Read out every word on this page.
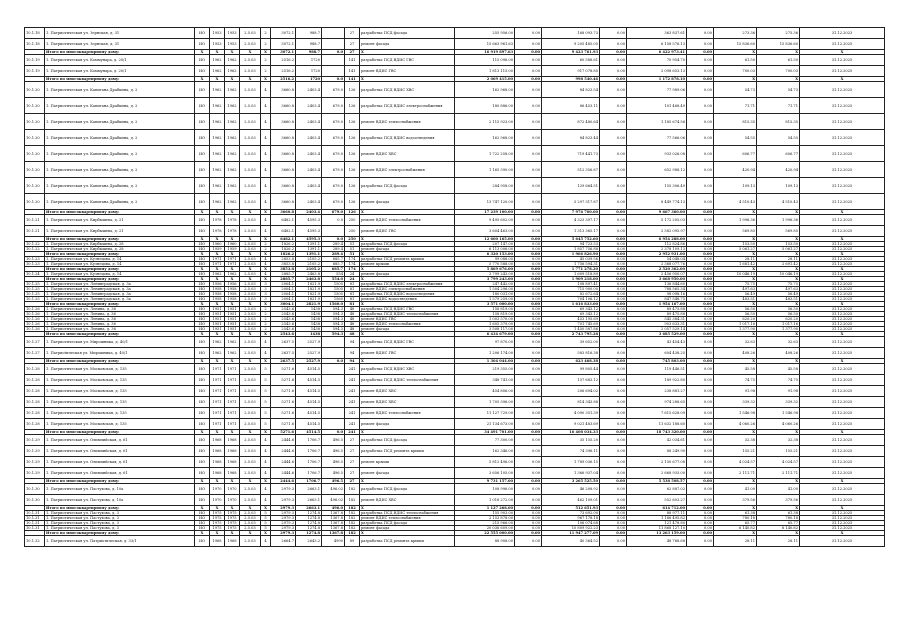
10.1.18	1. Патриотическая ул. Зернская, д. 31	ИО	1953	1953	2.5.03	2	3072.1	988.7		27	разработка ПСД фасада	255 956.00	0.00	168 093.73	0.00	363 837.61	0.00	273.36	275.36	31.12.2023
10.1.18	1. Патриотическая ул. Зернская, д. 31	ИО	1953	1953	2.5.03	2	3072.1	988.7		27	ремонт фасада	15 663 961.63	0.00	9 205 485.05	0.00	6 158 576.13	0.00	15 836.60	15 836.60	31.12.2025
	Итого по многоквартирному дому:	X	X	X	X	X	3072.1	988.7	0.0	27	X	16 919 897.63	0.00	9 423 761.93	0.00	6 422 973.41	0.00	X	X	X
10.1.19	1. Патриотическая ул. Коммунара, д. 20/1	ИО	1962	1962	2.5.03	2	2516.2	1720		141	разработка ПСД ВДИС ГВС	115 096.00	0.00	60 588.61	0.00	70 954.70	0.00	61.50	61.50	31.12.2025
10.1.19	1. Патриотическая ул. Коммунара, д. 20/1	ИО	1962	1962	2.5.03	2	2516.2	1720		141	ремонт ВДИС ГВС	1 813 115.00	0.00	917 078.85	0.00	2 098 653.13	0.00	700.03	700.03	31.12.2025
	Итого по многоквартирному дому:	X	X	X	X	X	2516.2	1720	0.0	141	X	2 069 415.00	0.00	998 540.46	0.00	1 172 878.10	0.00	X	X	X
10.1.20	1. Патриотическая ул. Капитана Драбкина, д. 2	ИО	1962	1962	2.5.03	4	3660.8	2403.4	679.0	126	разработка ПСД ВДИС ХВС	162 968.00	0.00	84 823.54	0.00	77 989.06	0.00	54.73	54.73	31.12.2025
10.1.20	1. Патриотическая ул. Капитана Драбкина, д. 2	ИО	1962	1962	2.5.03	4	3660.8	2403.4	679.0	126	разработка ПСД ВДИС электроснабжения	180 886.00	0.00	86 453.11	0.00	101 468.49	0.00	71.71	71.71	31.12.2025
10.1.20	1. Патриотическая ул. Капитана Драбкина, д. 2	ИО	1962	1962	2.5.03	4	3660.8	2403.4	679.0	126	ремонт ВДИС теплоснабжения	2 115 923.00	0.00	872 480.64	0.00	1 185 674.56	0.00	815.35	815.35	31.12.2025
10.1.20	1. Патриотическая ул. Капитана Драбкина, д. 2	ИО	1962	1962	2.5.03	4	3660.8	2403.4	679.0	126	разработка ПСД ВДИС водоотведения	162 968.00	0.00	84 823.44	0.00	77 566.06	0.00	54.55	54.55	31.12.2025
10.1.20	1. Патриотическая ул. Капитана Драбкина, д. 2	ИО	1962	1962	2.5.03	4	3660.8	2403.4	679.0	126	ремонт ВДИС ХВС	1 722 258.00	0.00	719 441.73	0.00	933 026.08	0.00	606.77	606.77	31.12.2025
10.1.20	1. Патриотическая ул. Капитана Драбкина, д. 2	ИО	1962	1962	2.5.03	4	3660.8	2403.4	679.0	126	ремонт ВДИС электроснабжения	1 165 390.00	0.00	512 356.87	0.00	652 988.12	0.00	420.94	420.94	31.12.2025
10.1.20	1. Патриотическая ул. Капитана Драбкина, д. 2	ИО	1962	1962	2.5.03	4	3660.8	2403.4	679.0	126	разработка ПСД фасада	284 958.00	0.00	129 664.51	0.00	155 306.49	0.00	109.13	109.13	31.12.2025
10.1.20	1. Патриотическая ул. Капитана Драбкина, д. 2	ИО	1962	1962	2.5.03	4	3660.8	2403.4	679.0	126	ремонт фасада	13 747 120.00	0.00	5 297 317.87	0.00	8 449 774.13	0.00	4 510.43	4 510.43	31.12.2025
	Итого по многоквартирному дому:	X	X	X	X	X	3660.8	2403.4	679.0	126	X	17 239 100.00	0.00	7 976 700.00	0.00	9 667 360.00	0.00	X	X	X
10.1.21	1. Патриотическая ул. Кирбышева, д. 21	ИО	1978	1978	2.5.03	4	6482.1	4595.3	0.0	250	ремонт ВДИС теплоснабжения	9 495 602.00	0.00	4 323 397.17	0.00	5 172 205.03	0.00	1 996.36	1 996.36	31.12.2025
10.1.21	1. Патриотическая ул. Кирбышева, д. 21	ИО	1978	1978	2.5.03	4	6482.1	4595.3		250	ремонт ВДИС ГВС	3 604 463.00	0.00	1 313 365.17	0.00	2 582 095.97	0.00	569.85	569.85	31.12.2025
	Итого по многоквартирному дому:	X	X	X	X	X	6482.1	4595.3	0.0	250	X	12 600 165.00	0.00	5 645 752.60	0.00	6 954 288.00	0.00	X	X	X
10.1.22	1. Патриотическая ул. Кирбышева, д. 28	ИО	1960	1960	2.5.03	2	1826.2	1391.1	289.4	51	разработка ПСД фасада	207 147.00	0.00	94 723.53	0.00	112 824.86	0.00	153.50	153.50	31.12.2025
10.1.22	1. Патриотическая ул. Кирбышева, д. 28	ИО	1959	1959	2.5.03	2	1826.2	1391.1	289.4	51	ремонт фасада	6 113 006.00	0.00	1 857 756.88	0.00	2 378 109.13	0.00	5 061.27	5 061.27	31.12.2025
	Итого по многоквартирному дому:	X	X	X	X	X	1826.2	1391.1	289.4	51	X	6 320 153.00	0.00	1 966 826.90	0.00	2 952 931.00	0.00	X	X	X
10.1.23	1. Патриотическая ул. Кузнецова, д. 14	ИО	1971	1971	2.5.03	4	2853.8	2105.2	685.7	174	разработка ПСД ремонта крыши	99 088.00	0.00	45 039.56	0.00	54 048.04	0.00	28.11	28.11	31.12.2025
10.1.23	1. Патриотическая ул. Кузнецова, д. 14	ИО	1971	1971	2.5.03	4	3853.8	2105.2	685.7	174	ремонт крыши	5 770 588.00	0.00	1 756 594.31	0.00	2 368 077.76	0.00	1 681.42	2 691.42	31.12.2025
	Итого по многоквартирному дому:	X	X	X	X	X	3853.8	2105.2	685.7	174	X	5 869 676.00	0.00	1 771 278.20	0.00	2 520 362.00	0.00	X	X	X
10.1.24	1. Патриотическая ул. Кузнецова, д. 14	ИО	1962	1962	2.5.03	4	2885.7	2463.8	554	24	ремонт фасада	3 799 243.00	0.00	1 609 518.89	0.00	2 456 950.07	0.00	10 046.19	10 046.19	31.12.2025
	Итого по многоквартирному дому:	X	X	X	X	X	2885.7	2463.8	554.0	24	X	3 799 243.00	0.00	1 909 218.00	0.00	3 668 950.00	0.00	X	X	X
10.1.25	1. Патриотическая ул. Ленинградская, д. 3а	ИО	1956	1956	2.5.03	3	2004.1	1821.9	1505	81	разработка ПСД ВДИС электроснабжения	247 442.00	0.00	108 897.41	0.00	136 844.60	0.00	75.75	75.75	31.12.2025
10.1.25	1. Патриотическая ул. Ленинградская, д. 3а	ИО	1958	1958	2.5.03	3	2004.1	1821.9	1505	81	ремонт ВДИС электроснабжения	1 504 296.00	0.00	715 900.00	0.00	788 565.34	0.00	497.63	497.63	31.12.2025
10.1.25	1. Патриотическая ул. Ленинградская, д. 3а	ИО	1958	1958	2.5.03	3	2004.1	1821.9	1505	81	разработка ПСД ВДИС водоотведения	180 031.00	0.00	82 672.64	0.00	98 098.16	0.00	56.49	56.49	31.12.2025
10.1.25	1. Патриотическая ул. Ленинградская, д. 3а	ИО	1958	1958	2.5.03	3	2004.1	1821.9	1560	81	ремонт ВДИС водоотведения	1 579 259.00	0.00	704 106.12	0.00	847 548.75	0.00	483.51	483.51	31.12.2025
	Итого по многоквартирному дому:	X	X	X	X	X	3004.1	2821.9	1560.0	81	X	3 571 000.00	0.00	1 616 833.00	0.00	1 954 167.00	0.00	X	X	X
10.1.26	1. Патриотическая ул. Ленина, д. 36	ИО	1951	1951	2.5.03	2	2543.6	1438	594.3	48	разработка ПСД ВДИС ГВС	158 819.00	0.00	69 343.12	0.00	89 475.88	0.00	56.50	56.50	31.12.2025
10.1.26	1. Патриотическая ул. Ленина, д. 36	ИО	1951	1951	2.5.03	2	2543.6	1438	594.3	48	разработка ПСД ВДИС теплоснабжения	158 819.00	0.00	69 343.12	0.00	89 475.88	0.00	56.50	56.50	31.12.2025
10.1.26	1. Патриотическая ул. Ленина, д. 36	ИО	1951	1951	2.5.03	2	2543.6	1438	594.3	48	ремонт ВДИС ГВС	1 003 570.00	0.00	453 195.69	0.00	545 384.31	0.00	620.20	620.20	31.12.2025
10.1.26	1. Патриотическая ул. Ленина, д. 36	ИО	1951	1951	2.5.03	2	2543.6	1438	594.3	48	ремонт ВДИС теплоснабжения	1 605 379.00	0.00	701 745.69	0.00	903 633.31	0.00	1 017.16	1 017.16	31.12.2025
10.1.26	1. Патриотическая ул. Ленина, д. 36	ИО	1951	1951	2.5.03	2	2543.6	1438	594.3	48	ремонт фасада	3 508 117.00	0.00	1 450 587.86	0.00	2 057 529.14	0.00	1 377.90	1 377.90	31.12.2025
	Итого по многоквартирному дому:	X	X	X	X	X	2543.6	1438	594.3	48	X	6 434 679.00	0.00	2 743 795.28	0.00	3 685 529.00	0.00	X	X	X
10.1.27	1. Патриотическая ул. Мирошника, д. 40/1	ИО	1962	1962	2.5.03	4	2637.5	2527.9		94	разработка ПСД ВДИС ГВС	97 870.00	0.00	39 652.00	0.00	43 454.43	0.00	32.63	32.63	31.12.2025
10.1.27	1. Патриotическая ул. Мирошника, д. 40/1	ИО	1962	1962	2.5.03	4	2637.5	2527.9		94	ремонт ВДИС ГВС	1 206 174.00	0.00	583 816.38	0.00	604 438.25	0.00	408.26	408.26	31.12.2025
	Итого по многоквартирному дому:	X	X	X	X	X	2637.5	2527.9	0.0	94	X	1 304 044.00	0.00	623 468.38	0.00	745 803.00	0.00	X	X	X
10.1.28	1. Патриотическая ул. Московская, д. 135	ИО	1971	1971	2.5.03	5	5271.6	4514.5		241	разработка ПСД ВДИС ХВС	219 355.00	0.00	99 805.44	0.00	119 446.51	0.00	45.58	45.58	31.12.2025
10.1.28	1. Патриотическая ул. Московская, д. 135	ИО	1971	1971	2.5.03	5	5271.6	4514.5		241	разработка ПСД ВДИС теплоснабжения	348 741.00	0.00	157 683.12	0.00	189 922.80	0.00	74.75	74.75	31.12.2025
10.1.28	1. Патриотическая ул. Московская, д. 135	ИО	1971	1971	2.5.03	5	5271.6	4514.5		241	ремонт ВДИС ХВС	454 806.00	0.00	206 694.02	0.00	238 881.27	0.00	91.98	91.98	31.12.2025
10.1.28	1. Патриотическая ул. Московская, д. 135	ИО	1971	1971	2.5.03	5	5271.6	4514.5		241	ремонт ВДИС ХВС	1 705 396.00	0.00	814 343.88	0.00	974 288.65	0.00	339.32	339.32	31.12.2025
10.1.28	1. Патриотическая ул. Московская, д. 135	ИО	1971	1971	2.5.03	5	5271.6	4514.5		241	ремонт ВДИС теплоснабжения	11 127 729.00	0.00	4 090 351.39	0.00	7 615 628.09	0.00	1 546.98	1 546.98	31.12.2025
10.1.28	1. Патриотическая ул. Московская, д. 135	ИО	1971	1971	2.5.03	5	5271.6	4514.5		241	ремонт фасада	21 134 673.00	0.00	9 021 483.69	0.00	11 632 188.60	0.00	4 060.26	4 060.26	31.12.2025
	Итого по многоквартирному дому:	X	X	X	X	X	5271.6	4514.5	0.0	241	X	34 491 701.00	0.00	16 408 034.33	0.00	18 743 320.00	0.00	X	X	X
10.1.29	1. Патриотическая ул. Олимпийская, д. 61	ИО	1968	1968	2.5.03	4	2444.6	1706.7	496.5	27	разработка ПСД фасада	77 300.00	0.00	35 155.20	0.00	42 034.61	0.00	32.38	32.38	31.12.2025
10.1.29	1. Патриотическая ул. Олимпийская, д. 61	ИО	1968	1968	2.5.03	4	2444.6	1706.7	496.5	27	разработка ПСД ремонта крыши	162 346.00	0.00	74 396.11	0.00	88 249.90	0.00	155.21	155.21	31.12.2025
10.1.29	1. Патриотическая ул. Олимпийская, д. 61	ИО	1968	1968	2.5.03	4	2444.6	1706.7	496.5	27	ремонт крыши	5 812 496.00	0.00	1 789 036.15	0.00	2 150 677.08	0.00	4 024.57	4 024.57	31.12.2025
10.1.29	1. Патриотическая ул. Олимпийская, д. 61	ИО	1968	1968	2.5.03	4	2444.6	1706.7	496.5	27	ремонт фасада	3 656 105.00	0.00	1 366 937.04	0.00	2 668 935.00	0.00	2 111.71	2 111.71	31.12.2025
	Итого по многоквартирному дому:	X	X	X	X	X	2444.6	1706.7	496.5	27	X	9 731 157.00	0.00	3 265 525.50	0.00	5 538 508.57	0.00	X	X	X
10.1.30	1. Патриотическая ул. Пастухова, д. 10а	ИО	1970	1970	2.5.03	4	2979.3	2663.1	496.02	182	разработка ПСД фасада	108 996.00	0.00	46 208.92	0.00	62 887.02	0.00	41.00	41.00	31.12.2025
10.1.30	1. Патриотическая ул. Пастухова, д. 10а	ИО	1970	1970	2.5.03	4	2979.3	2663.1	496.02	182	ремонт ВДИС ХВС	1 018 272.00	0.00	462 109.01	0.00	552 603.27	0.00	379.56	379.56	31.12.2025
	Итого по многоквартирному дому:	X	X	X	X	X	2979.3	2663.1	496.0	182	X	1 127 268.00	0.00	512 651.93	0.00	614 712.00	0.00	X	X	X
10.1.31	1. Патриотическая ул. Пастухова, д. 3	ИО	1975	1975	2.5.03	5	2979.3	1274.8	1367.8	182	разработка ПСД ВДИС теплоснабжения	155 903.00	0.00	73 692.00	0.00	88 977.11	0.00	61.38	61.38	31.12.2025
10.1.31	1. Патриотическая ул. Пастухова, д. 3	ИО	1975	1975	2.5.03	5	2979.3	1274.8	1367.8	182	ремонт ВДИС теплоснабжения	2 153 878.00	0.00	967 178.18	0.00	1 186 495.82	0.00	780.18	780.18	31.12.2025
10.1.31	1. Патриотическая ул. Пастухова, д. 3	ИО	1975	1975	2.5.03	5	2979.3	1274.8	1367.8	182	разработка ПСД фасада	215 966.00	0.00	106 074.68	0.00	121 478.80	0.00	65.77	65.77	31.12.2025
10.1.31	1. Патриотическая ул. Пастухова, д. 3	ИО	1975	1975	2.5.03	5	2979.3	1274.8	1367.8	182	ремонт фасада	20 036 609.00	0.00	10 809 922.23	0.00	11 868 127.10	0.00	6 140.82	6 140.82	31.12.2025
	Итого по многоквартирному дому:	X	X	X	X	X	2979.3	1274.8	1367.8	182	X	22 555 000.00	0.00	11 947 277.09	0.00	13 263 159.00	0.00	X	X	X
10.1.32	1. Патриотическая ул. Патриотическая, д. 33/1	ИО	1968	1968	2.5.03	4	2664.7	2643.2	4990	89	разработка ПСД ремонта крыши	88 908.00	0.00	40 364.52	0.00	48 768.68	0.00	28.11	28.11	31.12.2025
